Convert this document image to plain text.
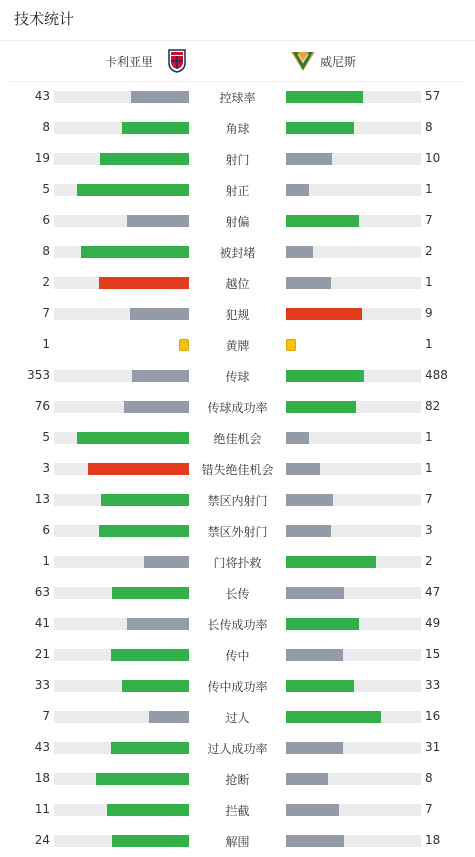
技术统计
卡利亚里	威尼斯
43	控球率	57
8	角球	8
19	射门	10
5	射正	1
6	射偏	7
8	被封堵	2
2	越位	1
7	犯规	9
1	黄牌	1
353	传球	488
76	传球成功率	82
5	绝佳机会	1
3	错失绝佳机会	1
13	禁区内射门	7
6	禁区外射门	3
1	门将扑救	2
63	长传	47
41	长传成功率	49
21	传中	15
33	传中成功率	33
7	过人	16
43	过人成功率	31
18	抢断	8
11	拦截	7
24	解围	18
